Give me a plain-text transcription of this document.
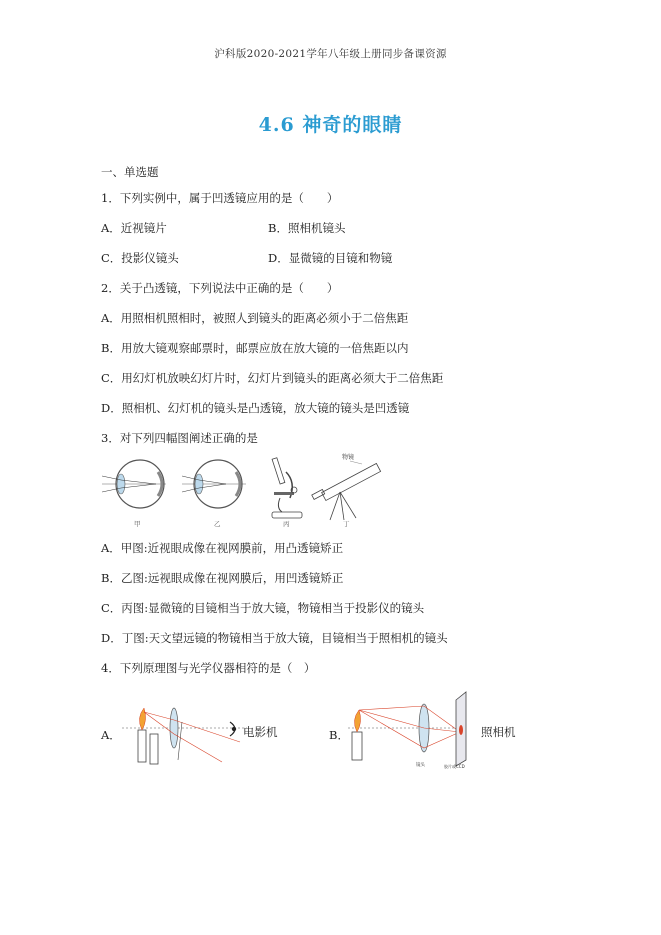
沪科版2020-2021学年八年级上册同步备课资源
4.6 神奇的眼睛
一、单选题
1．下列实例中，属于凹透镜应用的是（　　）
A．近视镜片	B．照相机镜头
C．投影仪镜头	D．显微镜的目镜和物镜
2．关于凸透镜，下列说法中正确的是（　　）
A．用照相机照相时，被照人到镜头的距离必须小于二倍焦距
B．用放大镜观察邮票时，邮票应放在放大镜的一倍焦距以内
C．用幻灯机放映幻灯片时，幻灯片到镜头的距离必须大于二倍焦距
D．照相机、幻灯机的镜头是凸透镜，放大镜的镜头是凹透镜
3．对下列四幅图阐述正确的是
物镜
甲	乙	丙	丁
A．甲图:近视眼成像在视网膜前，用凸透镜矫正
B．乙图:远视眼成像在视网膜后，用凹透镜矫正
C．丙图:显微镜的目镜相当于放大镜，物镜相当于投影仪的镜头
D．丁图:天文望远镜的物镜相当于放大镜，目镜相当于照相机的镜头
4．下列原理图与光学仪器相符的是（　）
A．	电影机	B．
镜头	胶片或CCD
照相机
